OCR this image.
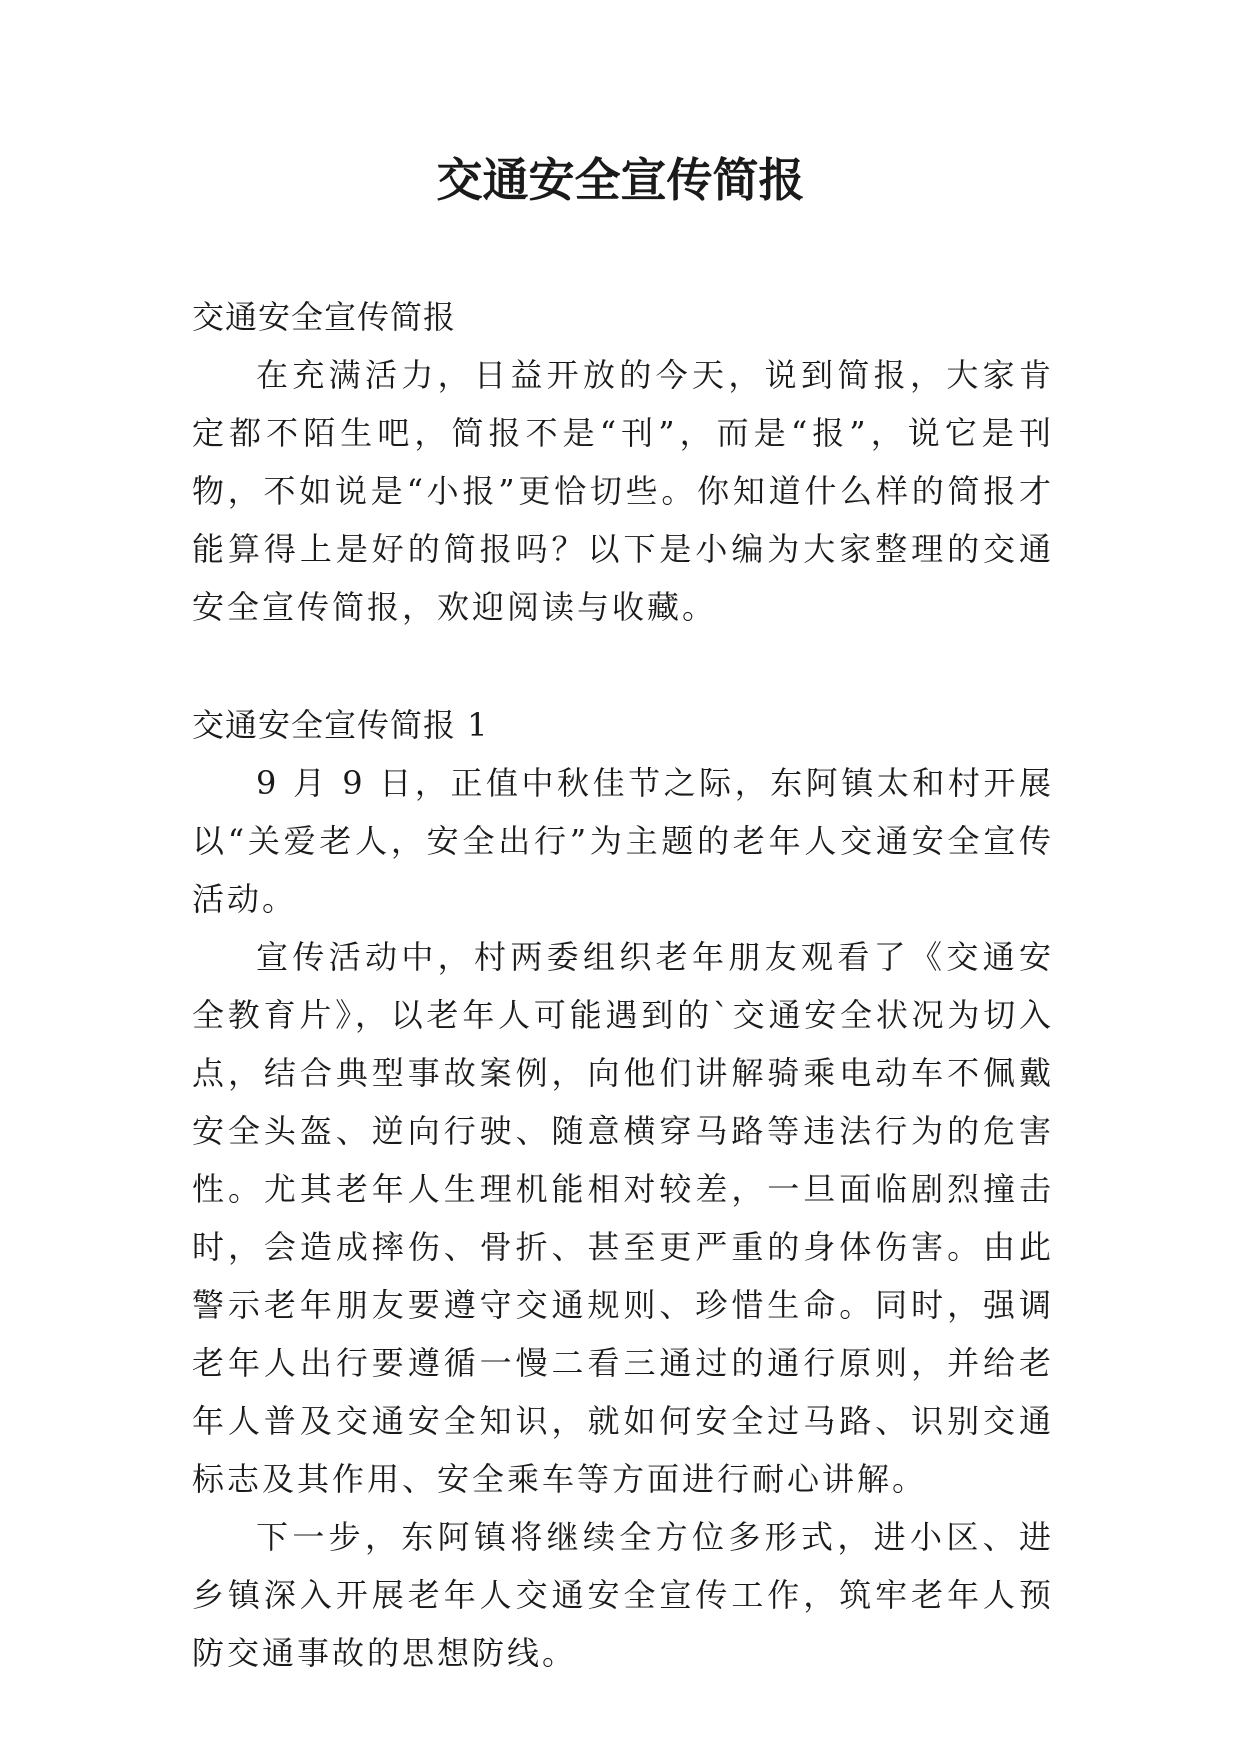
交通安全宣传简报

交通安全宣传简报

在充满活力，日益开放的今天，说到简报，大家肯定都不陌生吧，简报不是“刊”，而是“报”，说它是刊物，不如说是“小报”更恰切些。你知道什么样的简报才能算得上是好的简报吗？以下是小编为大家整理的交通安全宣传简报，欢迎阅读与收藏。

交通安全宣传简报 1

9 月 9 日，正值中秋佳节之际，东阿镇太和村开展以“关爱老人，安全出行”为主题的老年人交通安全宣传活动。

宣传活动中，村两委组织老年朋友观看了《交通安全教育片》，以老年人可能遇到的`交通安全状况为切入点，结合典型事故案例，向他们讲解骑乘电动车不佩戴安全头盔、逆向行驶、随意横穿马路等违法行为的危害性。尤其老年人生理机能相对较差，一旦面临剧烈撞击时，会造成摔伤、骨折、甚至更严重的身体伤害。由此警示老年朋友要遵守交通规则、珍惜生命。同时，强调老年人出行要遵循一慢二看三通过的通行原则，并给老年人普及交通安全知识，就如何安全过马路、识别交通标志及其作用、安全乘车等方面进行耐心讲解。

下一步，东阿镇将继续全方位多形式，进小区、进乡镇深入开展老年人交通安全宣传工作，筑牢老年人预防交通事故的思想防线。
